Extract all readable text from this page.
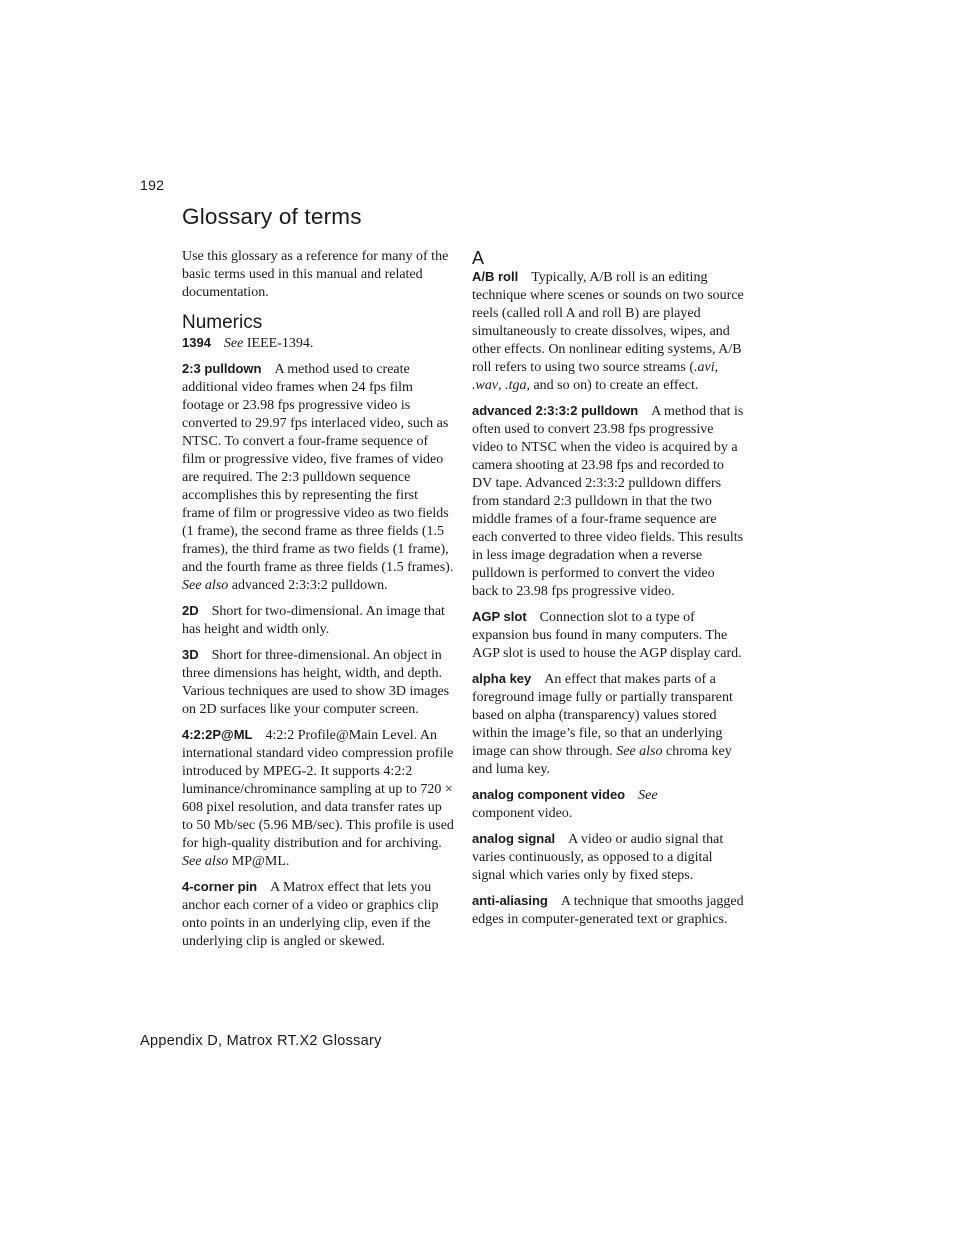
192
Glossary of terms

Use this glossary as a reference for many of the basic terms used in this manual and related documentation.

Numerics

1394 See IEEE-1394.

2:3 pulldown A method used to create additional video frames when 24 fps film footage or 23.98 fps progressive video is converted to 29.97 fps interlaced video, such as NTSC. To convert a four-frame sequence of film or progressive video, five frames of video are required. The 2:3 pulldown sequence accomplishes this by representing the first frame of film or progressive video as two fields (1 frame), the second frame as three fields (1.5 frames), the third frame as two fields (1 frame), and the fourth frame as three fields (1.5 frames). See also advanced 2:3:3:2 pulldown.

2D Short for two-dimensional. An image that has height and width only.

3D Short for three-dimensional. An object in three dimensions has height, width, and depth. Various techniques are used to show 3D images on 2D surfaces like your computer screen.

4:2:2P@ML 4:2:2 Profile@Main Level. An international standard video compression profile introduced by MPEG-2. It supports 4:2:2 luminance/chrominance sampling at up to 720 × 608 pixel resolution, and data transfer rates up to 50 Mb/sec (5.96 MB/sec). This profile is used for high-quality distribution and for archiving. See also MP@ML.

4-corner pin A Matrox effect that lets you anchor each corner of a video or graphics clip onto points in an underlying clip, even if the underlying clip is angled or skewed.

A

A/B roll Typically, A/B roll is an editing technique where scenes or sounds on two source reels (called roll A and roll B) are played simultaneously to create dissolves, wipes, and other effects. On nonlinear editing systems, A/B roll refers to using two source streams (.avi, .wav, .tga, and so on) to create an effect.

advanced 2:3:3:2 pulldown A method that is often used to convert 23.98 fps progressive video to NTSC when the video is acquired by a camera shooting at 23.98 fps and recorded to DV tape. Advanced 2:3:3:2 pulldown differs from standard 2:3 pulldown in that the two middle frames of a four-frame sequence are each converted to three video fields. This results in less image degradation when a reverse pulldown is performed to convert the video back to 23.98 fps progressive video.

AGP slot Connection slot to a type of expansion bus found in many computers. The AGP slot is used to house the AGP display card.

alpha key An effect that makes parts of a foreground image fully or partially transparent based on alpha (transparency) values stored within the image’s file, so that an underlying image can show through. See also chroma key and luma key.

analog component video See
component video.

analog signal A video or audio signal that varies continuously, as opposed to a digital signal which varies only by fixed steps.

anti-aliasing A technique that smooths jagged edges in computer-generated text or graphics.

Appendix D, Matrox RT.X2 Glossary
